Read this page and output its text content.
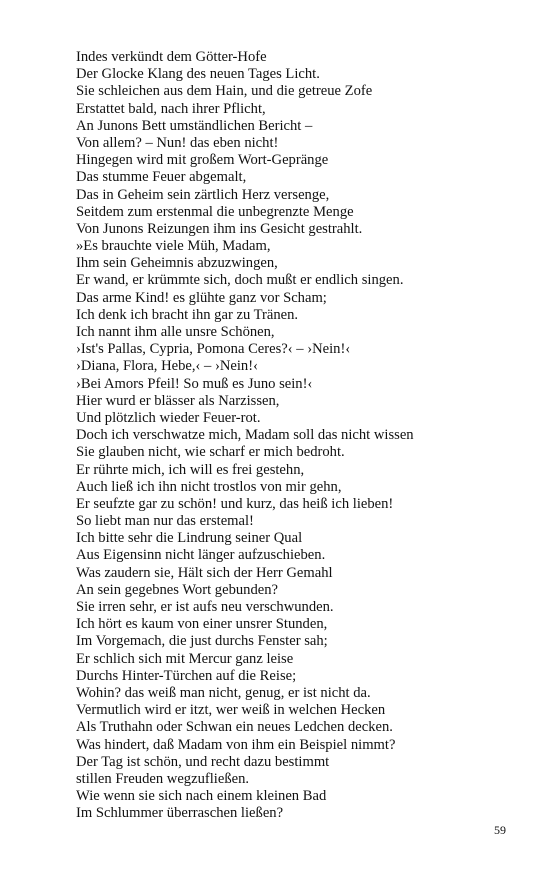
Indes verkündt dem Götter-Hofe
Der Glocke Klang des neuen Tages Licht.
Sie schleichen aus dem Hain, und die getreue Zofe
Erstattet bald, nach ihrer Pflicht,
An Junons Bett umständlichen Bericht –
Von allem? – Nun! das eben nicht!
Hingegen wird mit großem Wort-Gepränge
Das stumme Feuer abgemalt,
Das in Geheim sein zärtlich Herz versenge,
Seitdem zum erstenmal die unbegrenzte Menge
Von Junons Reizungen ihm ins Gesicht gestrahlt.
»Es brauchte viele Müh, Madam,
Ihm sein Geheimnis abzuzwingen,
Er wand, er krümmte sich, doch mußt er endlich singen.
Das arme Kind! es glühte ganz vor Scham;
Ich denk ich bracht ihn gar zu Tränen.
Ich nannt ihm alle unsre Schönen,
›Ist's Pallas, Cypria, Pomona Ceres?‹ – ›Nein!‹
›Diana, Flora, Hebe,‹ – ›Nein!‹
›Bei Amors Pfeil! So muß es Juno sein!‹
Hier wurd er blässer als Narzissen,
Und plötzlich wieder Feuer-rot.
Doch ich verschwatze mich, Madam soll das nicht wissen
Sie glauben nicht, wie scharf er mich bedroht.
Er rührte mich, ich will es frei gestehn,
Auch ließ ich ihn nicht trostlos von mir gehn,
Er seufzte gar zu schön! und kurz, das heiß ich lieben!
So liebt man nur das erstemal!
Ich bitte sehr die Lindrung seiner Qual
Aus Eigensinn nicht länger aufzuschieben.
Was zaudern sie, Hält sich der Herr Gemahl
An sein gegebnes Wort gebunden?
Sie irren sehr, er ist aufs neu verschwunden.
Ich hört es kaum von einer unsrer Stunden,
Im Vorgemach, die just durchs Fenster sah;
Er schlich sich mit Mercur ganz leise
Durchs Hinter-Türchen auf die Reise;
Wohin? das weiß man nicht, genug, er ist nicht da.
Vermutlich wird er itzt, wer weiß in welchen Hecken
Als Truthahn oder Schwan ein neues Ledchen decken.
Was hindert, daß Madam von ihm ein Beispiel nimmt?
Der Tag ist schön, und recht dazu bestimmt
stillen Freuden wegzufließen.
Wie wenn sie sich nach einem kleinen Bad
Im Schlummer überraschen ließen?
59
